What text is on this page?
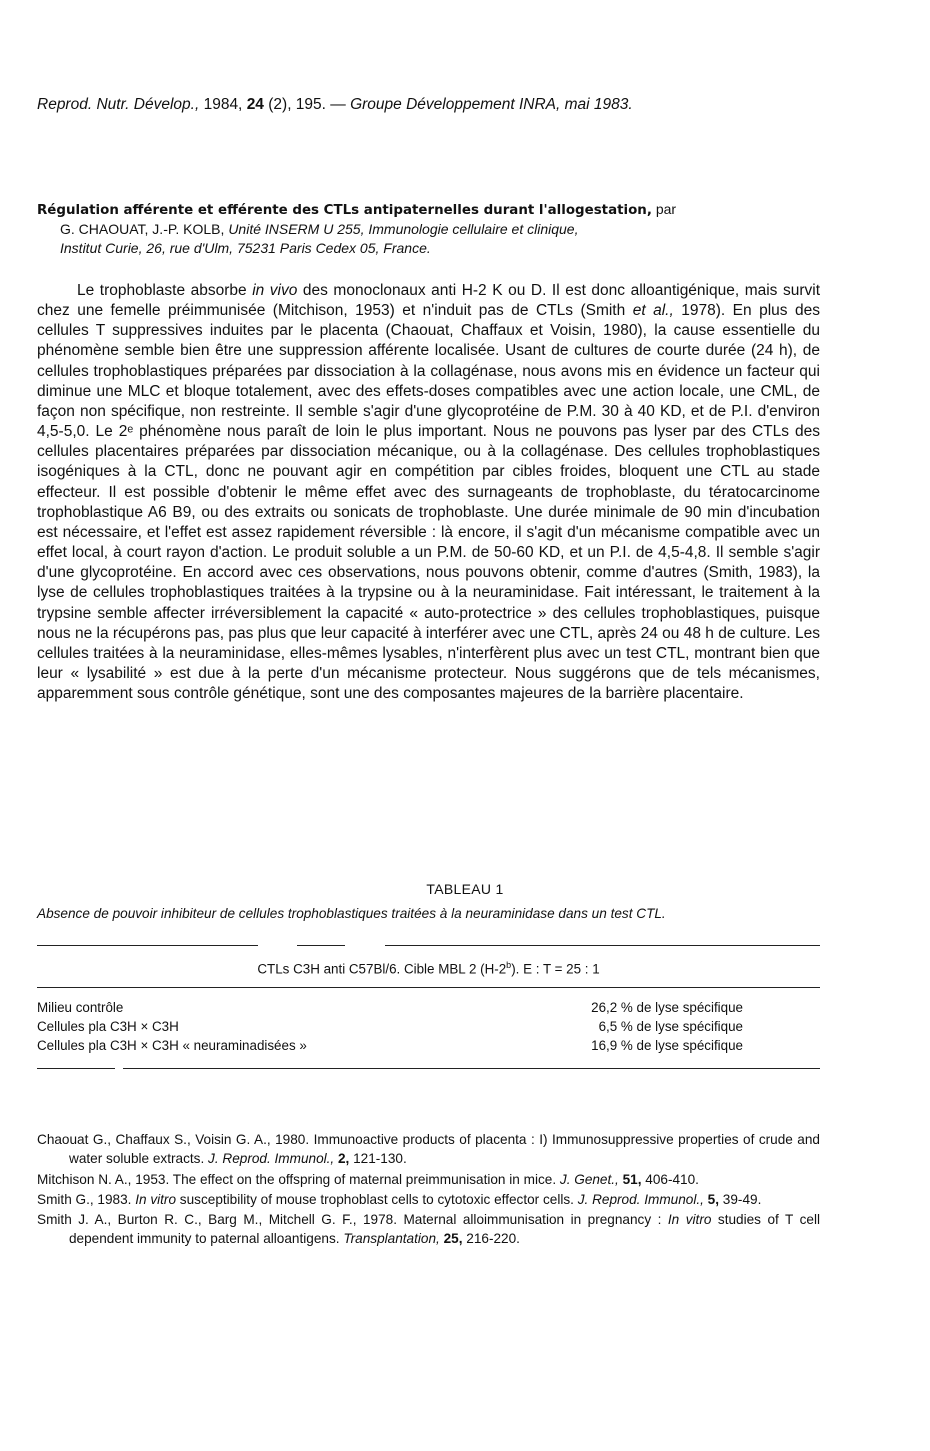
Reprod. Nutr. Dévelop., 1984, 24 (2), 195. — Groupe Développement INRA, mai 1983.
Régulation afférente et efférente des CTLs antipaternelles durant l'allogestation, par
G. CHAOUAT, J.-P. KOLB, Unité INSERM U 255, Immunologie cellulaire et clinique,
Institut Curie, 26, rue d'Ulm, 75231 Paris Cedex 05, France.
Le trophoblaste absorbe in vivo des monoclonaux anti H-2 K ou D. Il est donc alloantigénique, mais survit chez une femelle préimmunisée (Mitchison, 1953) et n'induit pas de CTLs (Smith et al., 1978). En plus des cellules T suppressives induites par le placenta (Chaouat, Chaffaux et Voisin, 1980), la cause essentielle du phénomène semble bien être une suppression afférente localisée. Usant de cultures de courte durée (24 h), de cellules trophoblastiques préparées par dissociation à la collagénase, nous avons mis en évidence un facteur qui diminue une MLC et bloque totalement, avec des effets-doses compatibles avec une action locale, une CML, de façon non spécifique, non restreinte. Il semble s'agir d'une glycoprotéine de P.M. 30 à 40 KD, et de P.I. d'environ 4,5-5,0. Le 2ᵉ phénomène nous paraît de loin le plus important. Nous ne pouvons pas lyser par des CTLs des cellules placentaires préparées par dissociation mécanique, ou à la collagénase. Des cellules trophoblastiques isogéniques à la CTL, donc ne pouvant agir en compétition par cibles froides, bloquent une CTL au stade effecteur. Il est possible d'obtenir le même effet avec des surnageants de trophoblaste, du tératocarcinome trophoblastique A6 B9, ou des extraits ou sonicats de trophoblaste. Une durée minimale de 90 min d'incubation est nécessaire, et l'effet est assez rapidement réversible : là encore, il s'agit d'un mécanisme compatible avec un effet local, à court rayon d'action. Le produit soluble a un P.M. de 50-60 KD, et un P.I. de 4,5-4,8. Il semble s'agir d'une glycoprotéine. En accord avec ces observations, nous pouvons obtenir, comme d'autres (Smith, 1983), la lyse de cellules trophoblastiques traitées à la trypsine ou à la neuraminidase. Fait intéressant, le traitement à la trypsine semble affecter irréversiblement la capacité « auto-protectrice » des cellules trophoblastiques, puisque nous ne la récupérons pas, pas plus que leur capacité à interférer avec une CTL, après 24 ou 48 h de culture. Les cellules traitées à la neuraminidase, elles-mêmes lysables, n'interfèrent plus avec un test CTL, montrant bien que leur « lysabilité » est due à la perte d'un mécanisme protecteur. Nous suggérons que de tels mécanismes, apparemment sous contrôle génétique, sont une des composantes majeures de la barrière placentaire.
TABLEAU 1
Absence de pouvoir inhibiteur de cellules trophoblastiques traitées à la neuraminidase dans un test CTL.
CTLs C3H anti C57Bl/6. Cible MBL 2 (H-2$^b$). E : T = 25 : 1
Milieu contrôle	26,2 % de lyse spécifique
Cellules pla C3H × C3H	6,5 % de lyse spécifique
Cellules pla C3H × C3H « neuraminadisées »	16,9 % de lyse spécifique
Chaouat G., Chaffaux S., Voisin G. A., 1980. Immunoactive products of placenta : I) Immunosuppressive properties of crude and water soluble extracts. J. Reprod. Immunol., 2, 121-130.
Mitchison N. A., 1953. The effect on the offspring of maternal preimmunisation in mice. J. Genet., 51, 406-410.
Smith G., 1983. In vitro susceptibility of mouse trophoblast cells to cytotoxic effector cells. J. Reprod. Immunol., 5, 39-49.
Smith J. A., Burton R. C., Barg M., Mitchell G. F., 1978. Maternal alloimmunisation in pregnancy : In vitro studies of T cell dependent immunity to paternal alloantigens. Transplantation, 25, 216-220.
